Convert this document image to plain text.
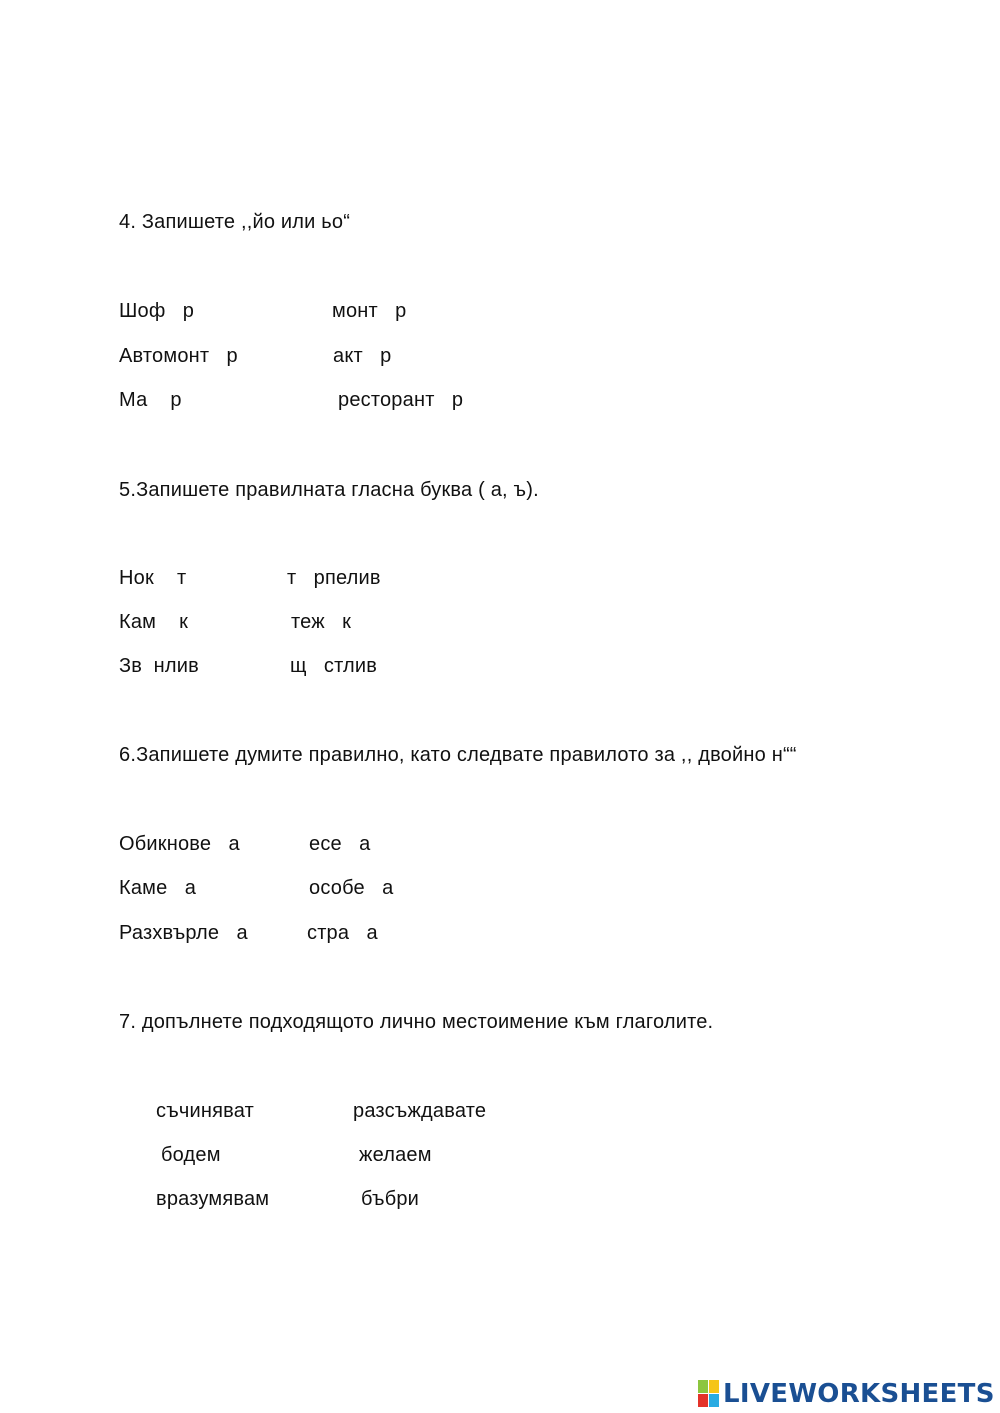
4. Запишете ,,йо или ьо“
Шоф   р
Автомонт   р
Ма    р
монт   р
акт   р
ресторант   р
5.Запишете правилната гласна буква ( а, ъ).
Нок    т
Кам    к
Зв  нлив
т   рпелив
теж   к
щ   стлив
6.Запишете думите правилно, като следвате правилото за ,, двойно н““
Обикнове   а
Каме   а
Разхвърле   а
есе   а
особе   а
стра   а
7. допълнете подходящото лично местоимение към глаголите.
съчиняват
бодем
вразумявам
разсъждавате
желаем
бъбри
LIVEWORKSHEETS
